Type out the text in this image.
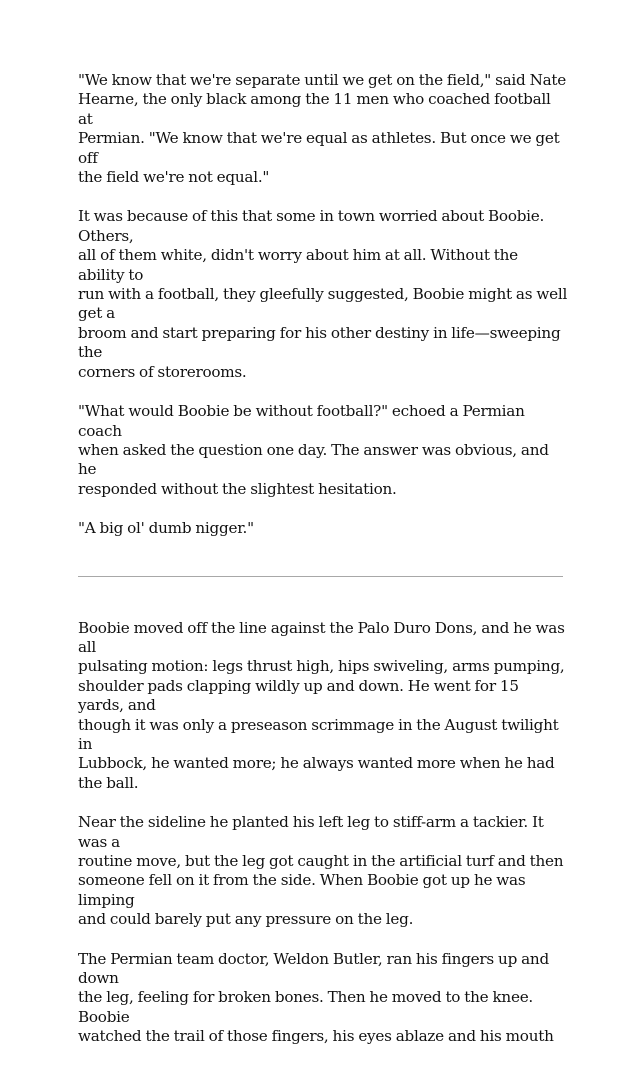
"We know that we're separate until we get on the field," said Nate
Hearne, the only black among the 11 men who coached football at
Permian. "We know that we're equal as athletes. But once we get off
the field we're not equal."

It was because of this that some in town worried about Boobie. Others,
all of them white, didn't worry about him at all. Without the ability to
run with a football, they gleefully suggested, Boobie might as well get a
broom and start preparing for his other destiny in life—sweeping the
corners of storerooms.

"What would Boobie be without football?" echoed a Permian coach
when asked the question one day. The answer was obvious, and he
responded without the slightest hesitation.

"A big ol' dumb nigger."

Boobie moved off the line against the Palo Duro Dons, and he was all
pulsating motion: legs thrust high, hips swiveling, arms pumping,
shoulder pads clapping wildly up and down. He went for 15 yards, and
though it was only a preseason scrimmage in the August twilight in
Lubbock, he wanted more; he always wanted more when he had
the ball.

Near the sideline he planted his left leg to stiff-arm a tackier. It was a
routine move, but the leg got caught in the artificial turf and then
someone fell on it from the side. When Boobie got up he was limping
and could barely put any pressure on the leg.

The Permian team doctor, Weldon Butler, ran his fingers up and down
the leg, feeling for broken bones. Then he moved to the knee. Boobie
watched the trail of those fingers, his eyes ablaze and his mouth
